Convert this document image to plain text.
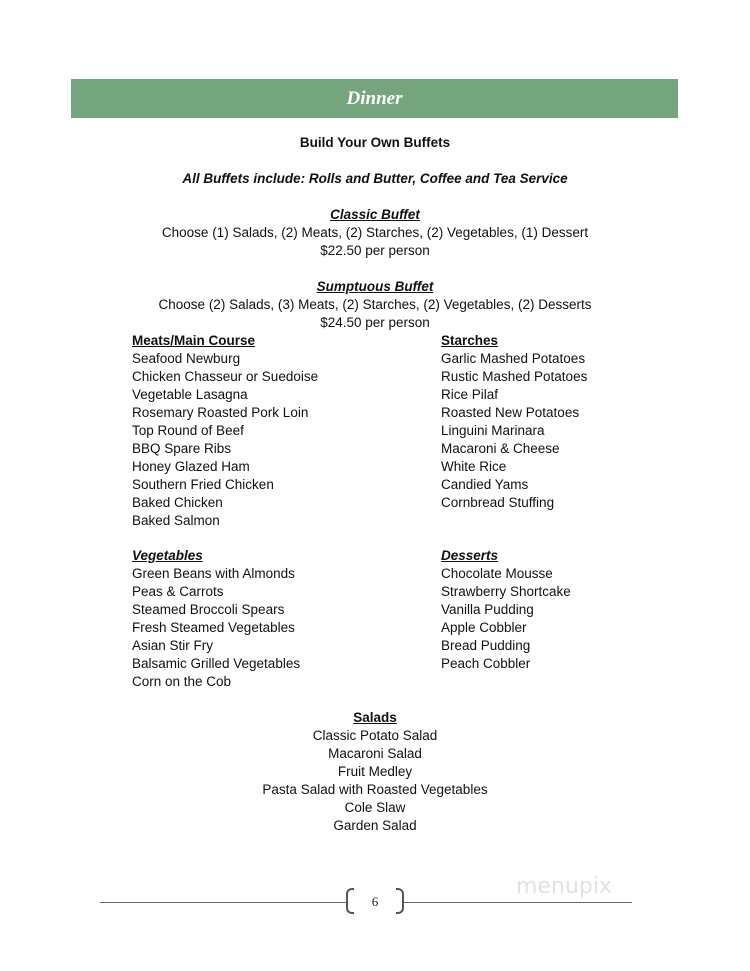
Dinner
Build Your Own Buffets
All Buffets include: Rolls and Butter, Coffee and Tea Service
Classic Buffet
Choose (1) Salads, (2) Meats, (2) Starches, (2) Vegetables, (1) Dessert
$22.50 per person
Sumptuous Buffet
Choose (2) Salads, (3) Meats, (2) Starches, (2) Vegetables, (2) Desserts
$24.50 per person
Meats/Main Course
Seafood Newburg
Chicken Chasseur or Suedoise
Vegetable Lasagna
Rosemary Roasted Pork Loin
Top Round of Beef
BBQ Spare Ribs
Honey Glazed Ham
Southern Fried Chicken
Baked Chicken
Baked Salmon
Starches
Garlic Mashed Potatoes
Rustic Mashed Potatoes
Rice Pilaf
Roasted New Potatoes
Linguini Marinara
Macaroni & Cheese
White Rice
Candied Yams
Cornbread Stuffing
Vegetables
Green Beans with Almonds
Peas & Carrots
Steamed Broccoli Spears
Fresh Steamed Vegetables
Asian Stir Fry
Balsamic Grilled Vegetables
Corn on the Cob
Desserts
Chocolate Mousse
Strawberry Shortcake
Vanilla Pudding
Apple Cobbler
Bread Pudding
Peach Cobbler
Salads
Classic Potato Salad
Macaroni Salad
Fruit Medley
Pasta Salad with Roasted Vegetables
Cole Slaw
Garden Salad
6
menupix
